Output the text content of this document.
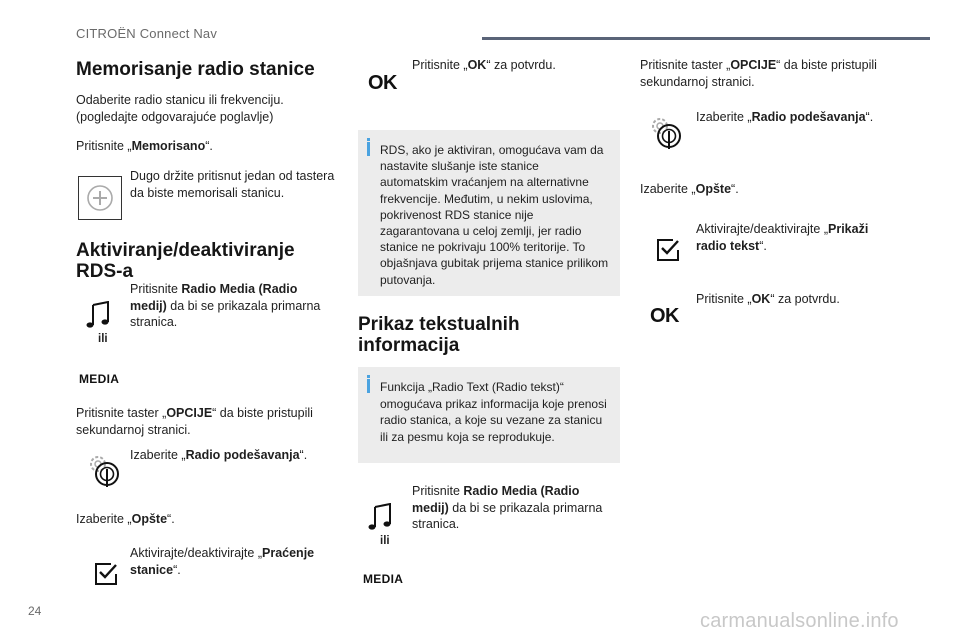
CITROËN Connect Nav
Memorisanje radio stanice
Odaberite radio stanicu ili frekvenciju. (pogledajte odgovarajuće poglavlje)
Pritisnite „Memorisano“.
Dugo držite pritisnut jedan od tastera da biste memorisali stanicu.
Aktiviranje/deaktiviranje RDS-a
Pritisnite Radio Media (Radio medij) da bi se prikazala primarna stranica.
ili
MEDIA
Pritisnite taster „OPCIJE“ da biste pristupili sekundarnoj stranici.
Izaberite „Radio podešavanja“.
Izaberite „Opšte“.
Aktivirajte/deaktivirajte „Praćenje stanice“.
OK
Pritisnite „OK“ za potvrdu.
RDS, ako je aktiviran, omogućava vam da nastavite slušanje iste stanice automatskim vraćanjem na alternativne frekvencije. Međutim, u nekim uslovima, pokrivenost RDS stanice nije zagarantovana u celoj zemlji, jer radio stanice ne pokrivaju 100% teritorije. To objašnjava gubitak prijema stanice prilikom putovanja.
Prikaz tekstualnih informacija
Funkcija „Radio Text (Radio tekst)“ omogućava prikaz informacija koje prenosi radio stanica, a koje su vezane za stanicu ili za pesmu koja se reprodukuje.
Pritisnite Radio Media (Radio medij) da bi se prikazala primarna stranica.
ili
MEDIA
Pritisnite taster „OPCIJE“ da biste pristupili sekundarnoj stranici.
Izaberite „Radio podešavanja“.
Izaberite „Opšte“.
Aktivirajte/deaktivirajte „Prikaži radio tekst“.
OK
Pritisnite „OK“ za potvrdu.
24	carmanualsonline.info
